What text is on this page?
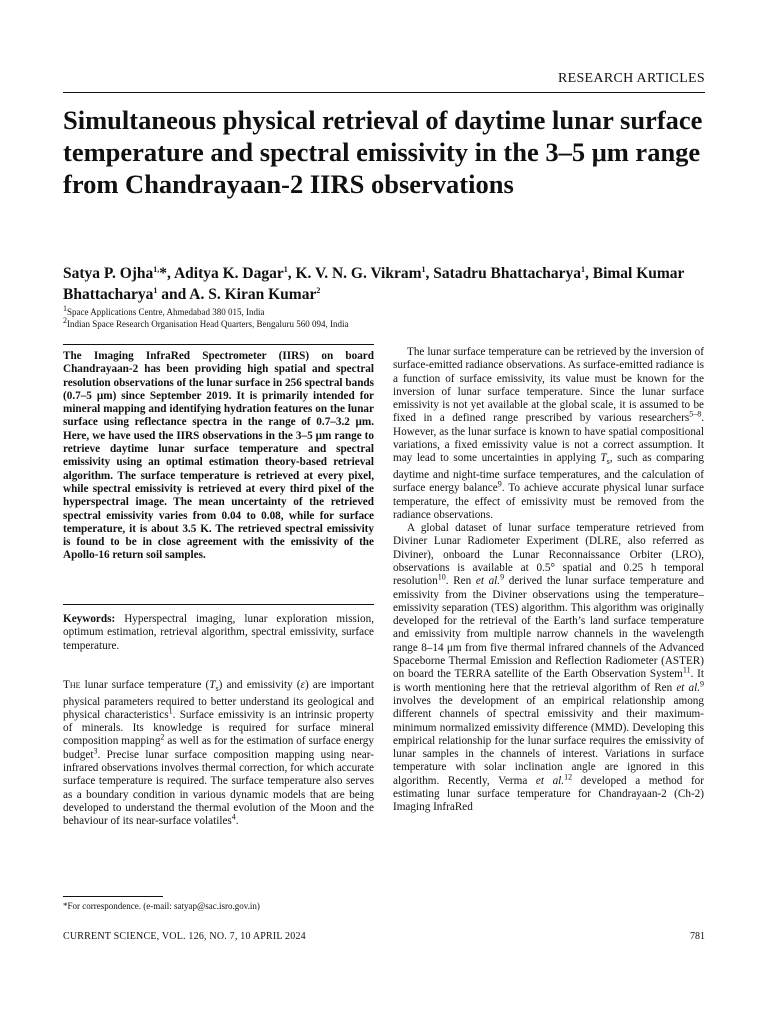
RESEARCH ARTICLES
Simultaneous physical retrieval of daytime lunar surface temperature and spectral emissivity in the 3–5 μm range from Chandrayaan-2 IIRS observations
Satya P. Ojha$^{1,}$*, Aditya K. Dagar$^1$, K. V. N. G. Vikram$^1$, Satadru Bhattacharya$^1$, Bimal Kumar Bhattacharya$^1$ and A. S. Kiran Kumar$^2$
$^1$Space Applications Centre, Ahmedabad 380 015, India
$^2$Indian Space Research Organisation Head Quarters, Bengaluru 560 094, India

The Imaging InfraRed Spectrometer (IIRS) on board Chandrayaan-2 has been providing high spatial and spectral resolution observations of the lunar surface in 256 spectral bands (0.7–5 μm) since September 2019. It is primarily intended for mineral mapping and identifying hydration features on the lunar surface using reflectance spectra in the range of 0.7–3.2 μm. Here, we have used the IIRS observations in the 3–5 μm range to retrieve daytime lunar surface temperature and spectral emissivity using an optimal estimation theory-based retrieval algorithm. The surface temperature is retrieved at every pixel, while spectral emissivity is retrieved at every third pixel of the hyperspectral image. The mean uncertainty of the retrieved spectral emissivity varies from 0.04 to 0.08, while for surface temperature, it is about 3.5 K. The retrieved spectral emissivity is found to be in close agreement with the emissivity of the Apollo-16 return soil samples.

Keywords: Hyperspectral imaging, lunar exploration mission, optimum estimation, retrieval algorithm, spectral emissivity, surface temperature.

The lunar surface temperature $(T_s)$ and emissivity (ε) are important physical parameters required to better understand its geological and physical characteristics$^1$. Surface emissivity is an intrinsic property of minerals. Its knowledge is required for surface mineral composition mapping$^2$ as well as for the estimation of surface energy budget$^3$. Precise lunar surface composition mapping using near-infrared observations involves thermal correction, for which accurate surface temperature is required. The surface temperature also serves as a boundary condition in various dynamic models that are being developed to understand the thermal evolution of the Moon and the behaviour of its near-surface volatiles$^4$.

The lunar surface temperature can be retrieved by the inversion of surface-emitted radiance observations. As surface-emitted radiance is a function of surface emissivity, its value must be known for the inversion of lunar surface temperature. Since the lunar surface emissivity is not yet available at the global scale, it is assumed to be fixed in a defined range prescribed by various researchers$^{5-8}$. However, as the lunar surface is known to have spatial compositional variations, a fixed emissivity value is not a correct assumption. It may lead to some uncertainties in applying $T_s$, such as comparing daytime and night-time surface temperatures, and the calculation of surface energy balance$^9$. To achieve accurate physical lunar surface temperature, the effect of emissivity must be removed from the radiance observations.

A global dataset of lunar surface temperature retrieved from Diviner Lunar Radiometer Experiment (DLRE, also referred as Diviner), onboard the Lunar Reconnaissance Orbiter (LRO), observations is available at 0.5° spatial and 0.25 h temporal resolution$^{10}$. Ren et al.$^9$ derived the lunar surface temperature and emissivity from the Diviner observations using the temperature–emissivity separation (TES) algorithm. This algorithm was originally developed for the retrieval of the Earth’s land surface temperature and emissivity from multiple narrow channels in the wavelength range 8–14 μm from five thermal infrared channels of the Advanced Spaceborne Thermal Emission and Reflection Radiometer (ASTER) on board the TERRA satellite of the Earth Observation System$^{11}$. It is worth mentioning here that the retrieval algorithm of Ren et al.$^9$ involves the development of an empirical relationship among different channels of spectral emissivity and their maximum-minimum normalized emissivity difference (MMD). Developing this empirical relationship for the lunar surface requires the emissivity of lunar samples in the channels of interest. Variations in surface temperature with solar inclination angle are ignored in this algorithm. Recently, Verma et al.$^{12}$ developed a method for estimating lunar surface temperature for Chandrayaan-2 (Ch-2) Imaging InfraRed

*For correspondence. (e-mail: satyap@sac.isro.gov.in)
CURRENT SCIENCE, VOL. 126, NO. 7, 10 APRIL 2024	781
